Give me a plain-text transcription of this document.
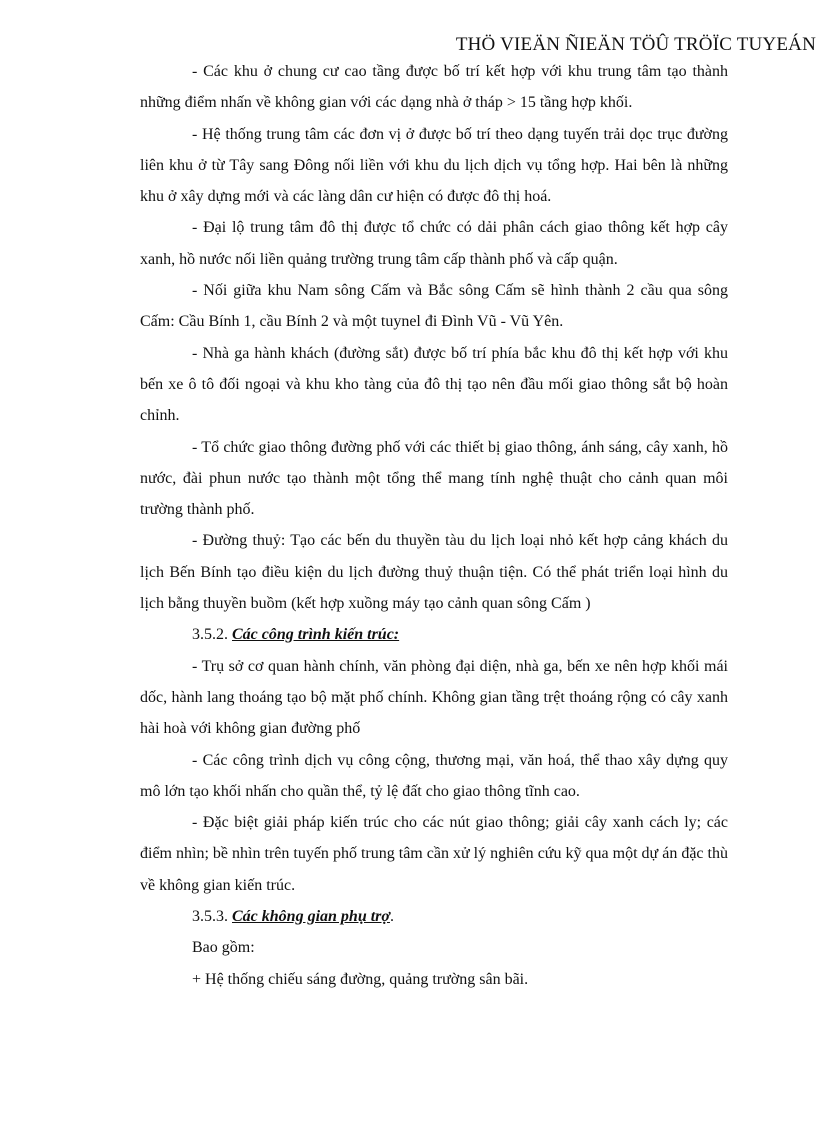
THÖ VIEÄN ÑIEÄN TÖÛ TRÖÏC TUYEÁN

- Các khu ở chung cư cao tầng được bố trí kết hợp với khu trung tâm tạo thành những điểm nhấn về không gian với các dạng nhà ở tháp > 15 tầng hợp khối.

- Hệ thống trung tâm các đơn vị ở được bố trí theo dạng tuyến trải dọc trục đường liên khu ở từ Tây sang Đông nối liền với khu du lịch dịch vụ tổng hợp. Hai bên là những khu ở xây dựng mới và các làng dân cư hiện có được đô thị hoá.

- Đại lộ trung tâm đô thị được tổ chức có dải phân cách giao thông kết hợp cây xanh, hồ nước nối liền quảng trường trung tâm cấp thành phố và cấp quận.

- Nối giữa khu Nam sông Cấm và Bắc sông Cấm sẽ hình thành 2 cầu qua sông Cấm: Cầu Bính 1, cầu Bính 2 và một tuynel đi Đình Vũ - Vũ Yên.

- Nhà ga hành khách (đường sắt) được bố trí phía bắc khu đô thị kết hợp với khu bến xe ô tô đối ngoại và khu kho tàng của đô thị tạo nên đầu mối giao thông sắt bộ hoàn chỉnh.

- Tổ chức giao thông đường phố với các thiết bị giao thông, ánh sáng, cây xanh, hồ nước, đài phun nước tạo thành một tổng thể mang tính nghệ thuật cho cảnh quan môi trường thành phố.

- Đường thuỷ: Tạo các bến du thuyền tàu du lịch loại nhỏ kết hợp cảng khách du lịch Bến Bính tạo điều kiện du lịch đường thuỷ thuận tiện. Có thể phát triển loại hình du lịch bằng thuyền buồm (kết hợp xuồng máy tạo cảnh quan sông Cấm )

3.5.2. Các công trình kiến trúc:

- Trụ sở cơ quan hành chính, văn phòng đại diện, nhà ga, bến xe nên hợp khối mái dốc, hành lang thoáng tạo bộ mặt phố chính. Không gian tầng trệt thoáng rộng có cây xanh hài hoà với không gian đường phố

- Các công trình dịch vụ công cộng, thương mại, văn hoá, thể thao xây dựng quy mô lớn tạo khối nhấn cho quần thể, tỷ lệ đất cho giao thông tĩnh cao.

- Đặc biệt giải pháp kiến trúc cho các nút giao thông; giải cây xanh cách ly; các điểm nhìn; bề nhìn trên tuyến phố trung tâm cần xử lý nghiên cứu kỹ qua một dự án đặc thù về không gian kiến trúc.

3.5.3. Các không gian phụ trợ.

Bao gồm:

+ Hệ thống chiếu sáng đường, quảng trường sân bãi.
